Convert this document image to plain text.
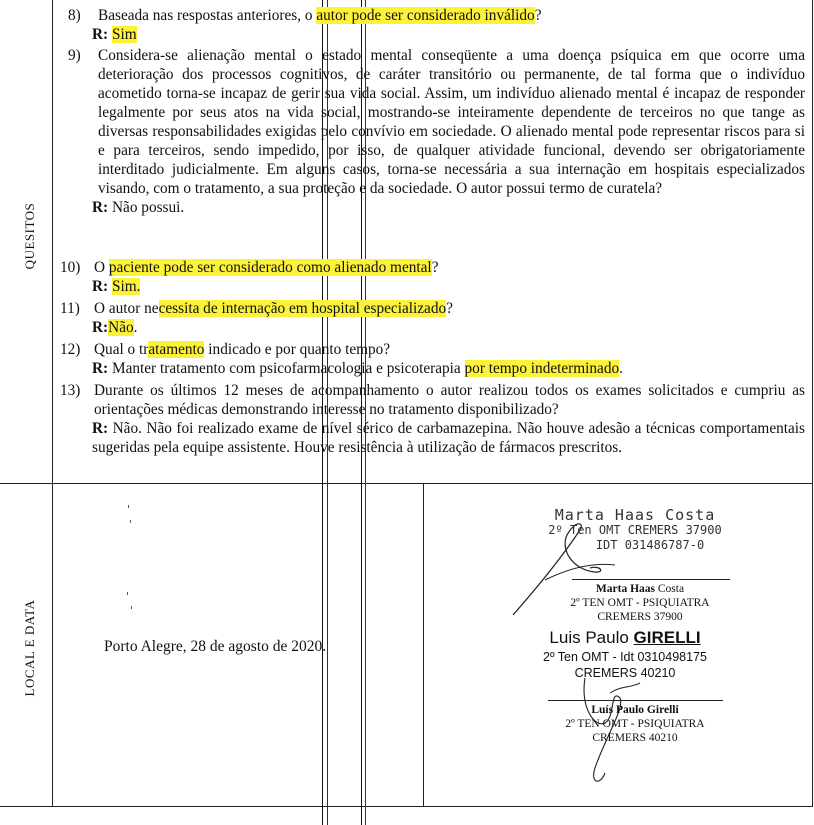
QUESITOS
LOCAL E DATA
8) Baseada nas respostas anteriores, o autor pode ser considerado inválido?
R: Sim
9) Considera-se alienação mental o estado mental conseqüente a uma doença psíquica em que ocorre uma deterioração dos processos cognitivos, de caráter transitório ou permanente, de tal forma que o indivíduo acometido torna-se incapaz de gerir sua vida social. Assim, um indivíduo alienado mental é incapaz de responder legalmente por seus atos na vida social, mostrando-se inteiramente dependente de terceiros no que tange as diversas responsabilidades exigidas pelo convívio em sociedade. O alienado mental pode representar riscos para si e para terceiros, sendo impedido, por isso, de qualquer atividade funcional, devendo ser obrigatoriamente interditado judicialmente. Em alguns casos, torna-se necessária a sua internação em hospitais especializados visando, com o tratamento, a sua proteção e da sociedade. O autor possui termo de curatela?
R: Não possui.
10) O paciente pode ser considerado como alienado mental?
R: Sim.
11) O autor necessita de internação em hospital especializado?
R:Não.
12) Qual o tratamento indicado e por quanto tempo?
R: Manter tratamento com psicofarmacologia e psicoterapia por tempo indeterminado.
13) Durante os últimos 12 meses de acompanhamento o autor realizou todos os exames solicitados e cumpriu as orientações médicas demonstrando interesse no tratamento disponibilizado?
R: Não. Não foi realizado exame de nível sérico de carbamazepina. Não houve adesão a técnicas comportamentais sugeridas pela equipe assistente. Houve resistência à utilização de fármacos prescritos.
Porto Alegre, 28 de agosto de 2020.
Marta Haas Costa
2º Ten OMT CREMERS 37900
IDT 031486787-0
Marta Haas Costa
2º TEN OMT - PSIQUIATRA
CREMERS 37900
Luis Paulo GIRELLI
2º Ten OMT - Idt 0310498175
CREMERS 40210
Luís Paulo Girelli
2º TEN OMT - PSIQUIATRA
CREMERS 40210
